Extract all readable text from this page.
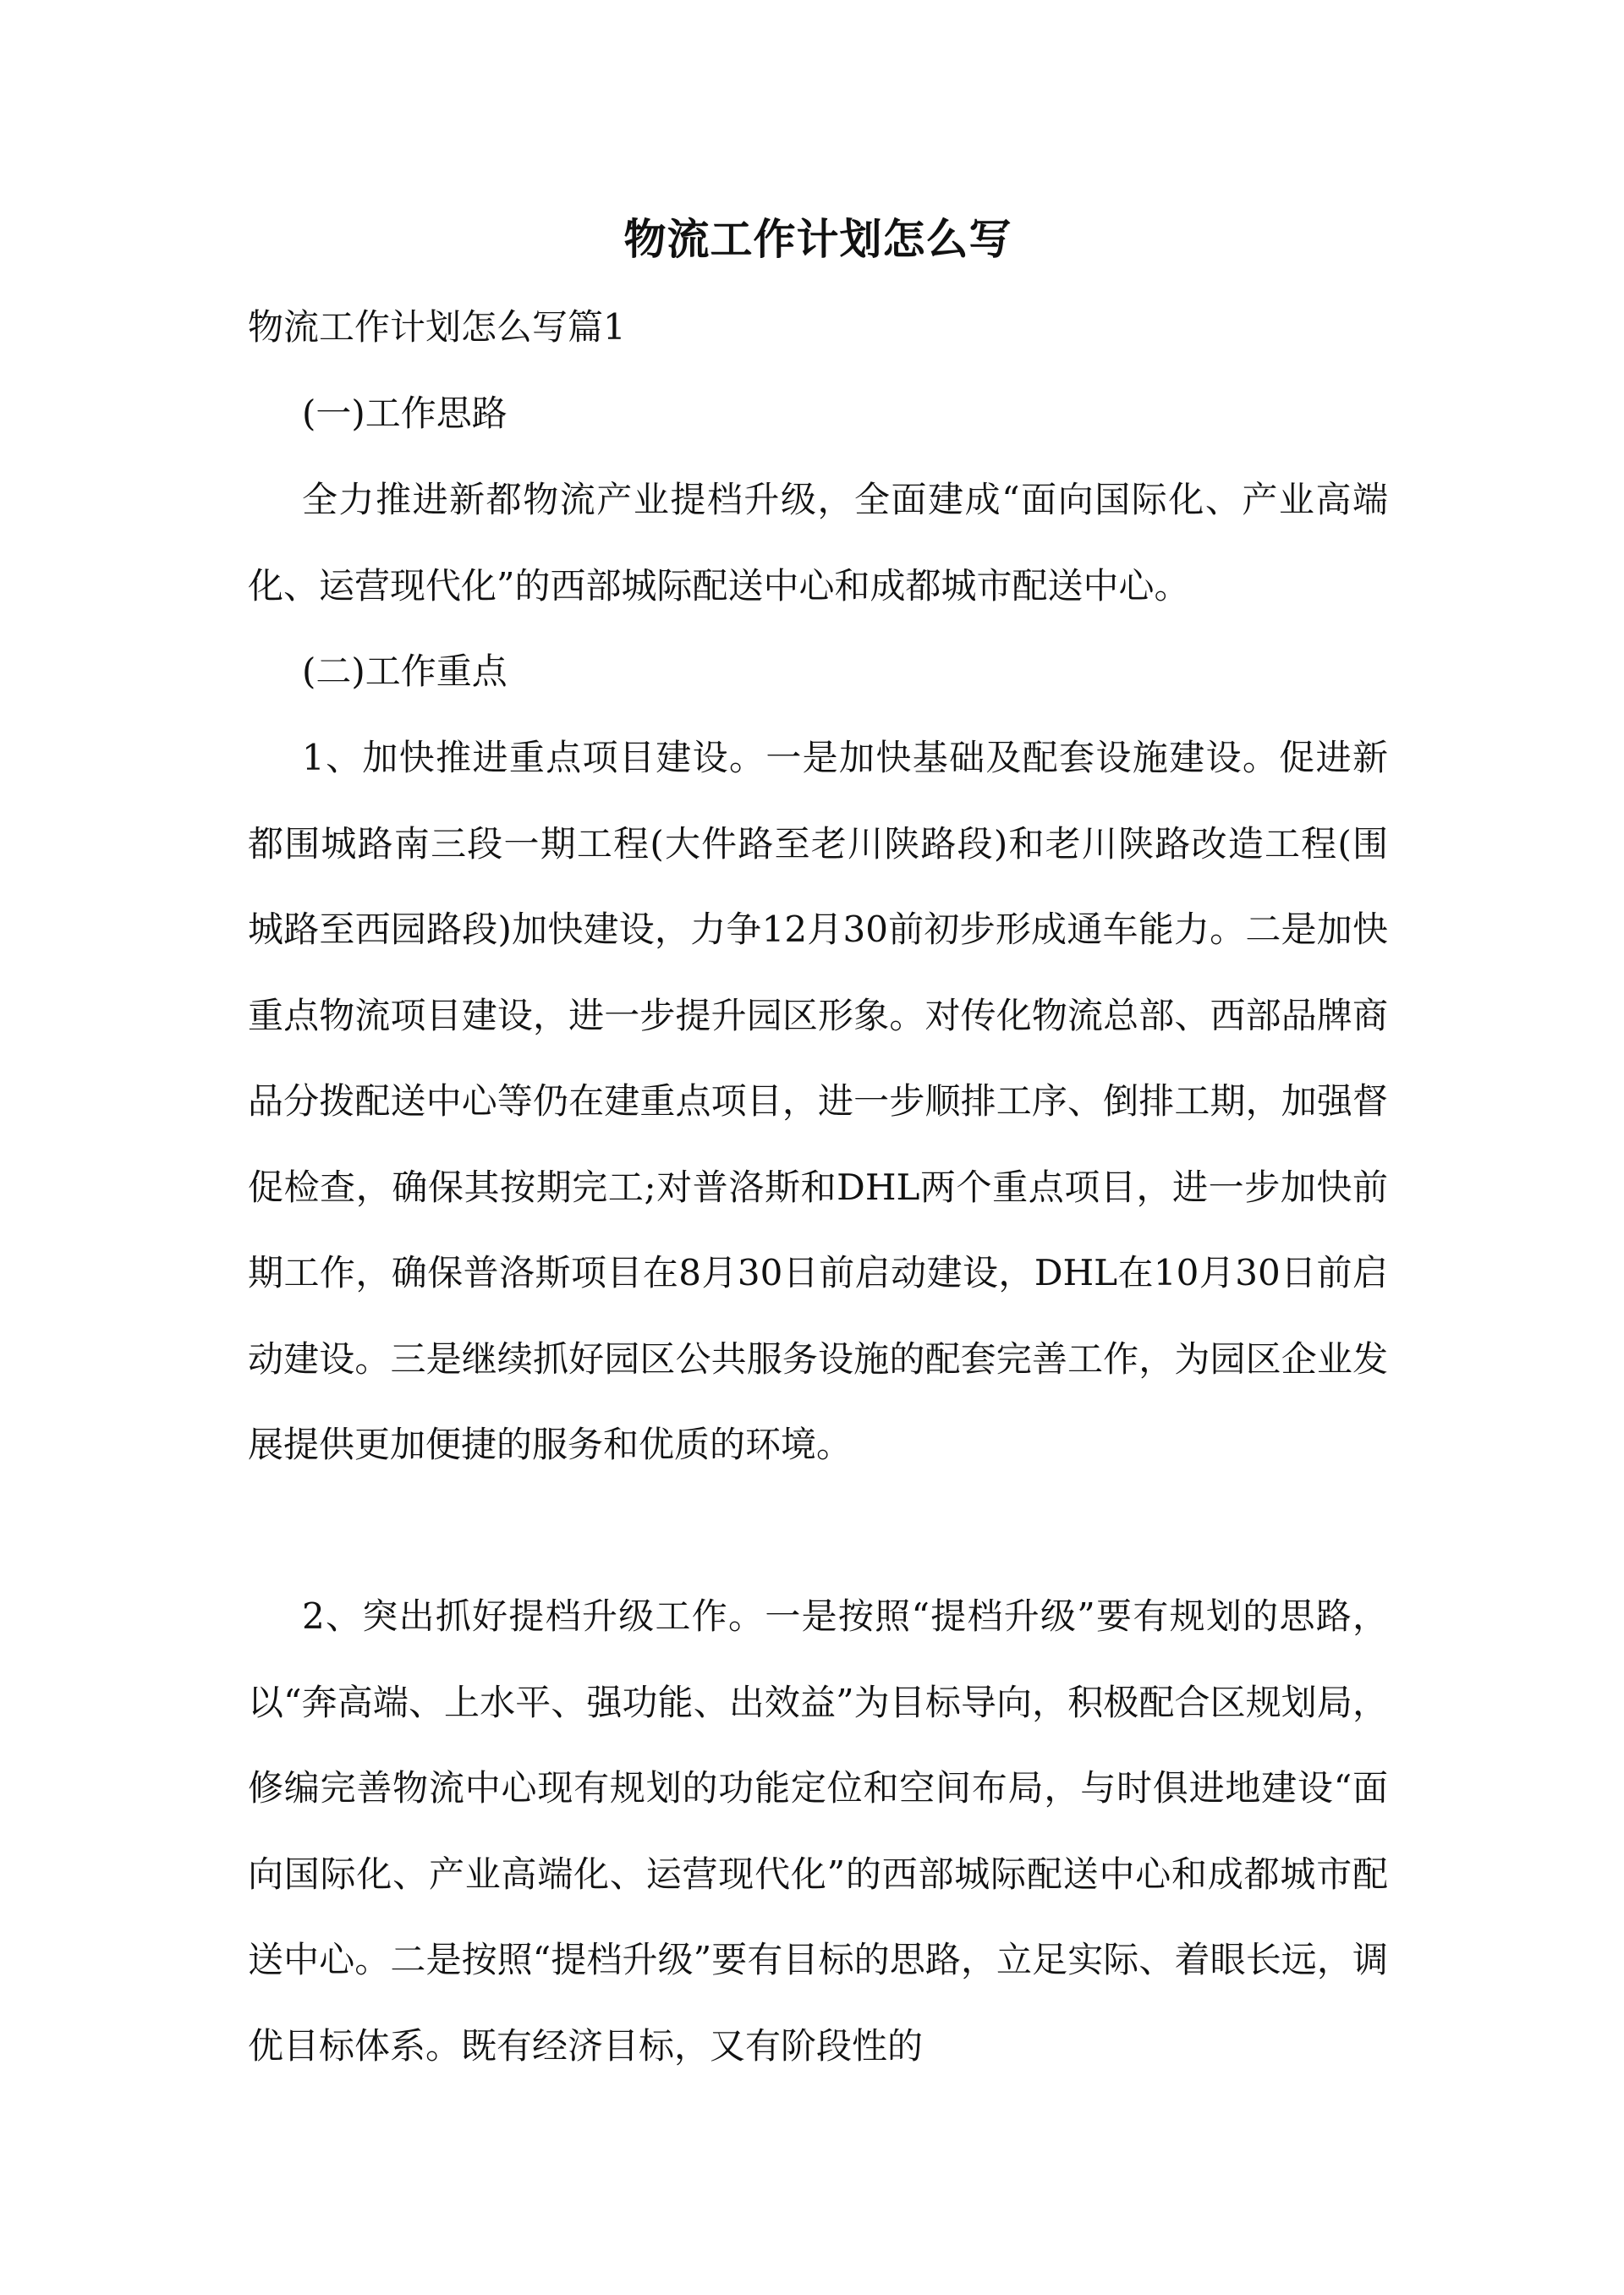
物流工作计划怎么写

物流工作计划怎么写篇1

(一)工作思路

全力推进新都物流产业提档升级，全面建成“面向国际化、产业高端化、运营现代化”的西部城际配送中心和成都城市配送中心。

(二)工作重点

1、加快推进重点项目建设。一是加快基础及配套设施建设。促进新都围城路南三段一期工程(大件路至老川陕路段)和老川陕路改造工程(围城路至西园路段)加快建设，力争12月30前初步形成通车能力。二是加快重点物流项目建设，进一步提升园区形象。对传化物流总部、西部品牌商品分拨配送中心等仍在建重点项目，进一步顺排工序、倒排工期，加强督促检查，确保其按期完工;对普洛斯和DHL两个重点项目，进一步加快前期工作，确保普洛斯项目在8月30日前启动建设，DHL在10月30日前启动建设。三是继续抓好园区公共服务设施的配套完善工作，为园区企业发展提供更加便捷的服务和优质的环境。

2、突出抓好提档升级工作。一是按照“提档升级”要有规划的思路，以“奔高端、上水平、强功能、出效益”为目标导向，积极配合区规划局，修编完善物流中心现有规划的功能定位和空间布局，与时俱进地建设“面向国际化、产业高端化、运营现代化”的西部城际配送中心和成都城市配送中心。二是按照“提档升级”要有目标的思路，立足实际、着眼长远，调优目标体系。既有经济目标，又有阶段性的
